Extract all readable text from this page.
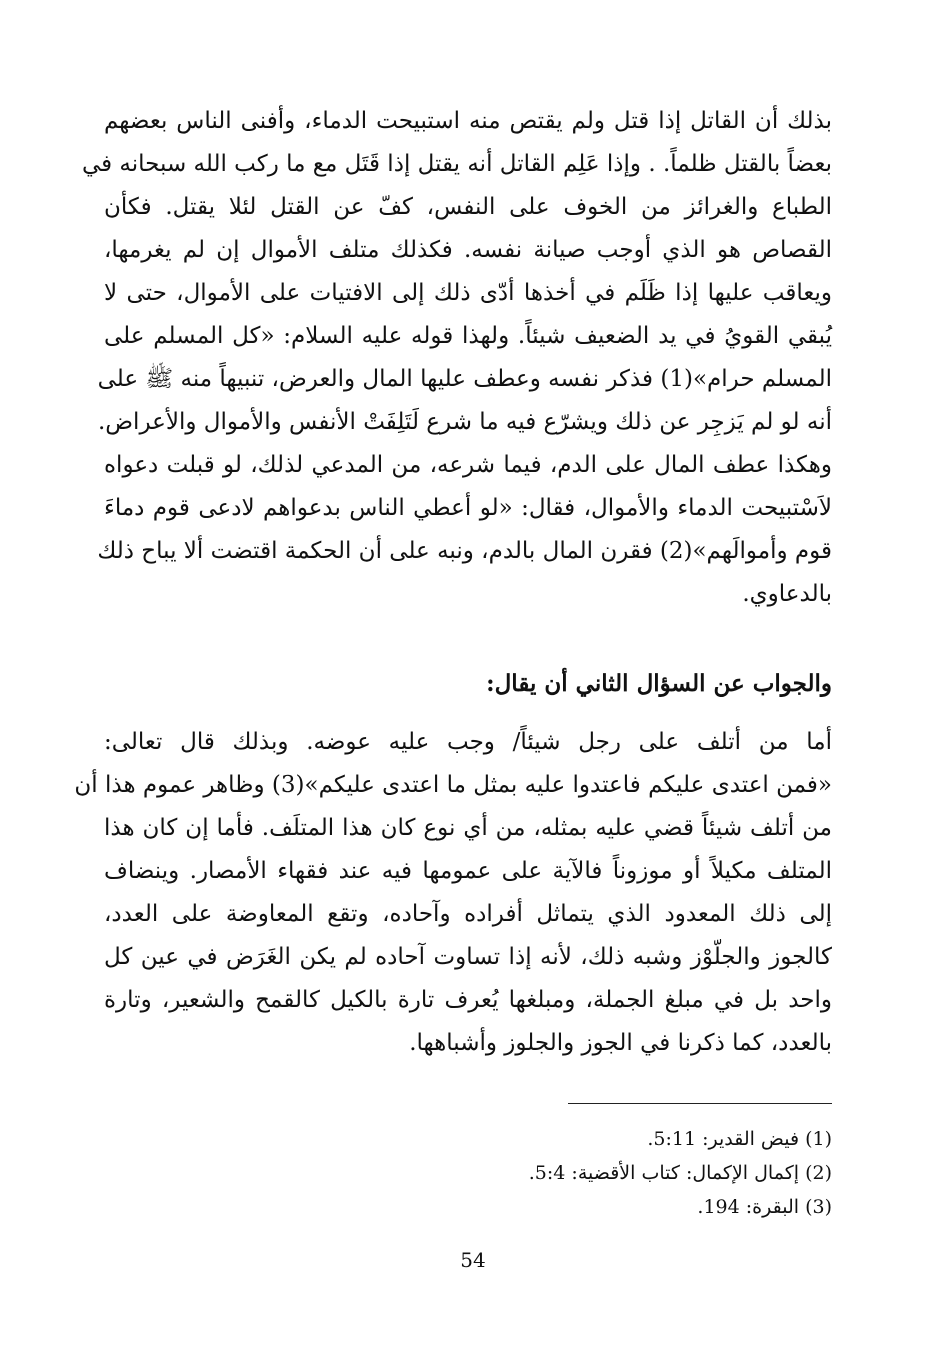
بذلك أن القاتل إذا قتل ولم يقتص منه استبيحت الدماء، وأفنى الناس بعضهم
بعضاً بالقتل ظلماً. . وإذا عَلِم القاتل أنه يقتل إذا قَتَل مع ما ركب الله سبحانه في
الطباع والغرائز من الخوف على النفس، كفّ عن القتل لئلا يقتل. فكأن
القصاص هو الذي أوجب صيانة نفسه. فكذلك متلف الأموال إن لم يغرمها،
ويعاقب عليها إذا ظَلَم في أخذها أدّى ذلك إلى الافتيات على الأموال، حتى لا
يُبقي القويُ في يد الضعيف شيئاً. ولهذا قوله عليه السلام: «كل المسلم على
المسلم حرام»(1) فذكر نفسه وعطف عليها المال والعرض، تنبيهاً منه ﷺ على
أنه لو لم يَزجِر عن ذلك ويشرّع فيه ما شرع لَتَلِفَتْ الأنفس والأموال والأعراض.
وهكذا عطف المال على الدم، فيما شرعه، من المدعي لذلك، لو قبلت دعواه
لاَسْتبيحت الدماء والأموال، فقال: «لو أعطي الناس بدعواهم لادعى قوم دماءَ
قوم وأموالَهم»(2) فقرن المال بالدم، ونبه على أن الحكمة اقتضت ألا يباح ذلك
بالدعاوي.
والجواب عن السؤال الثاني أن يقال:
أما من أتلف على رجل شيئاً/ وجب عليه عوضه. وبذلك قال تعالى:
«فمن اعتدى عليكم فاعتدوا عليه بمثل ما اعتدى عليكم»(3) وظاهر عموم هذا أن
من أتلف شيئاً قضي عليه بمثله، من أي نوع كان هذا المتلَف. فأما إن كان هذا
المتلف مكيلاً أو موزوناً فالآية على عمومها فيه عند فقهاء الأمصار. وينضاف
إلى ذلك المعدود الذي يتماثل أفراده وآحاده، وتقع المعاوضة على العدد،
كالجوز والجلّوْز وشبه ذلك، لأنه إذا تساوت آحاده لم يكن الغَرَض في عين كل
واحد بل في مبلغ الجملة، ومبلغها يُعرف تارة بالكيل كالقمح والشعير، وتارة
بالعدد، كما ذكرنا في الجوز والجلوز وأشباهها.
(1) فيض القدير: 5:11.
(2) إكمال الإكمال: كتاب الأقضية: 5:4.
(3) البقرة: 194.
54
